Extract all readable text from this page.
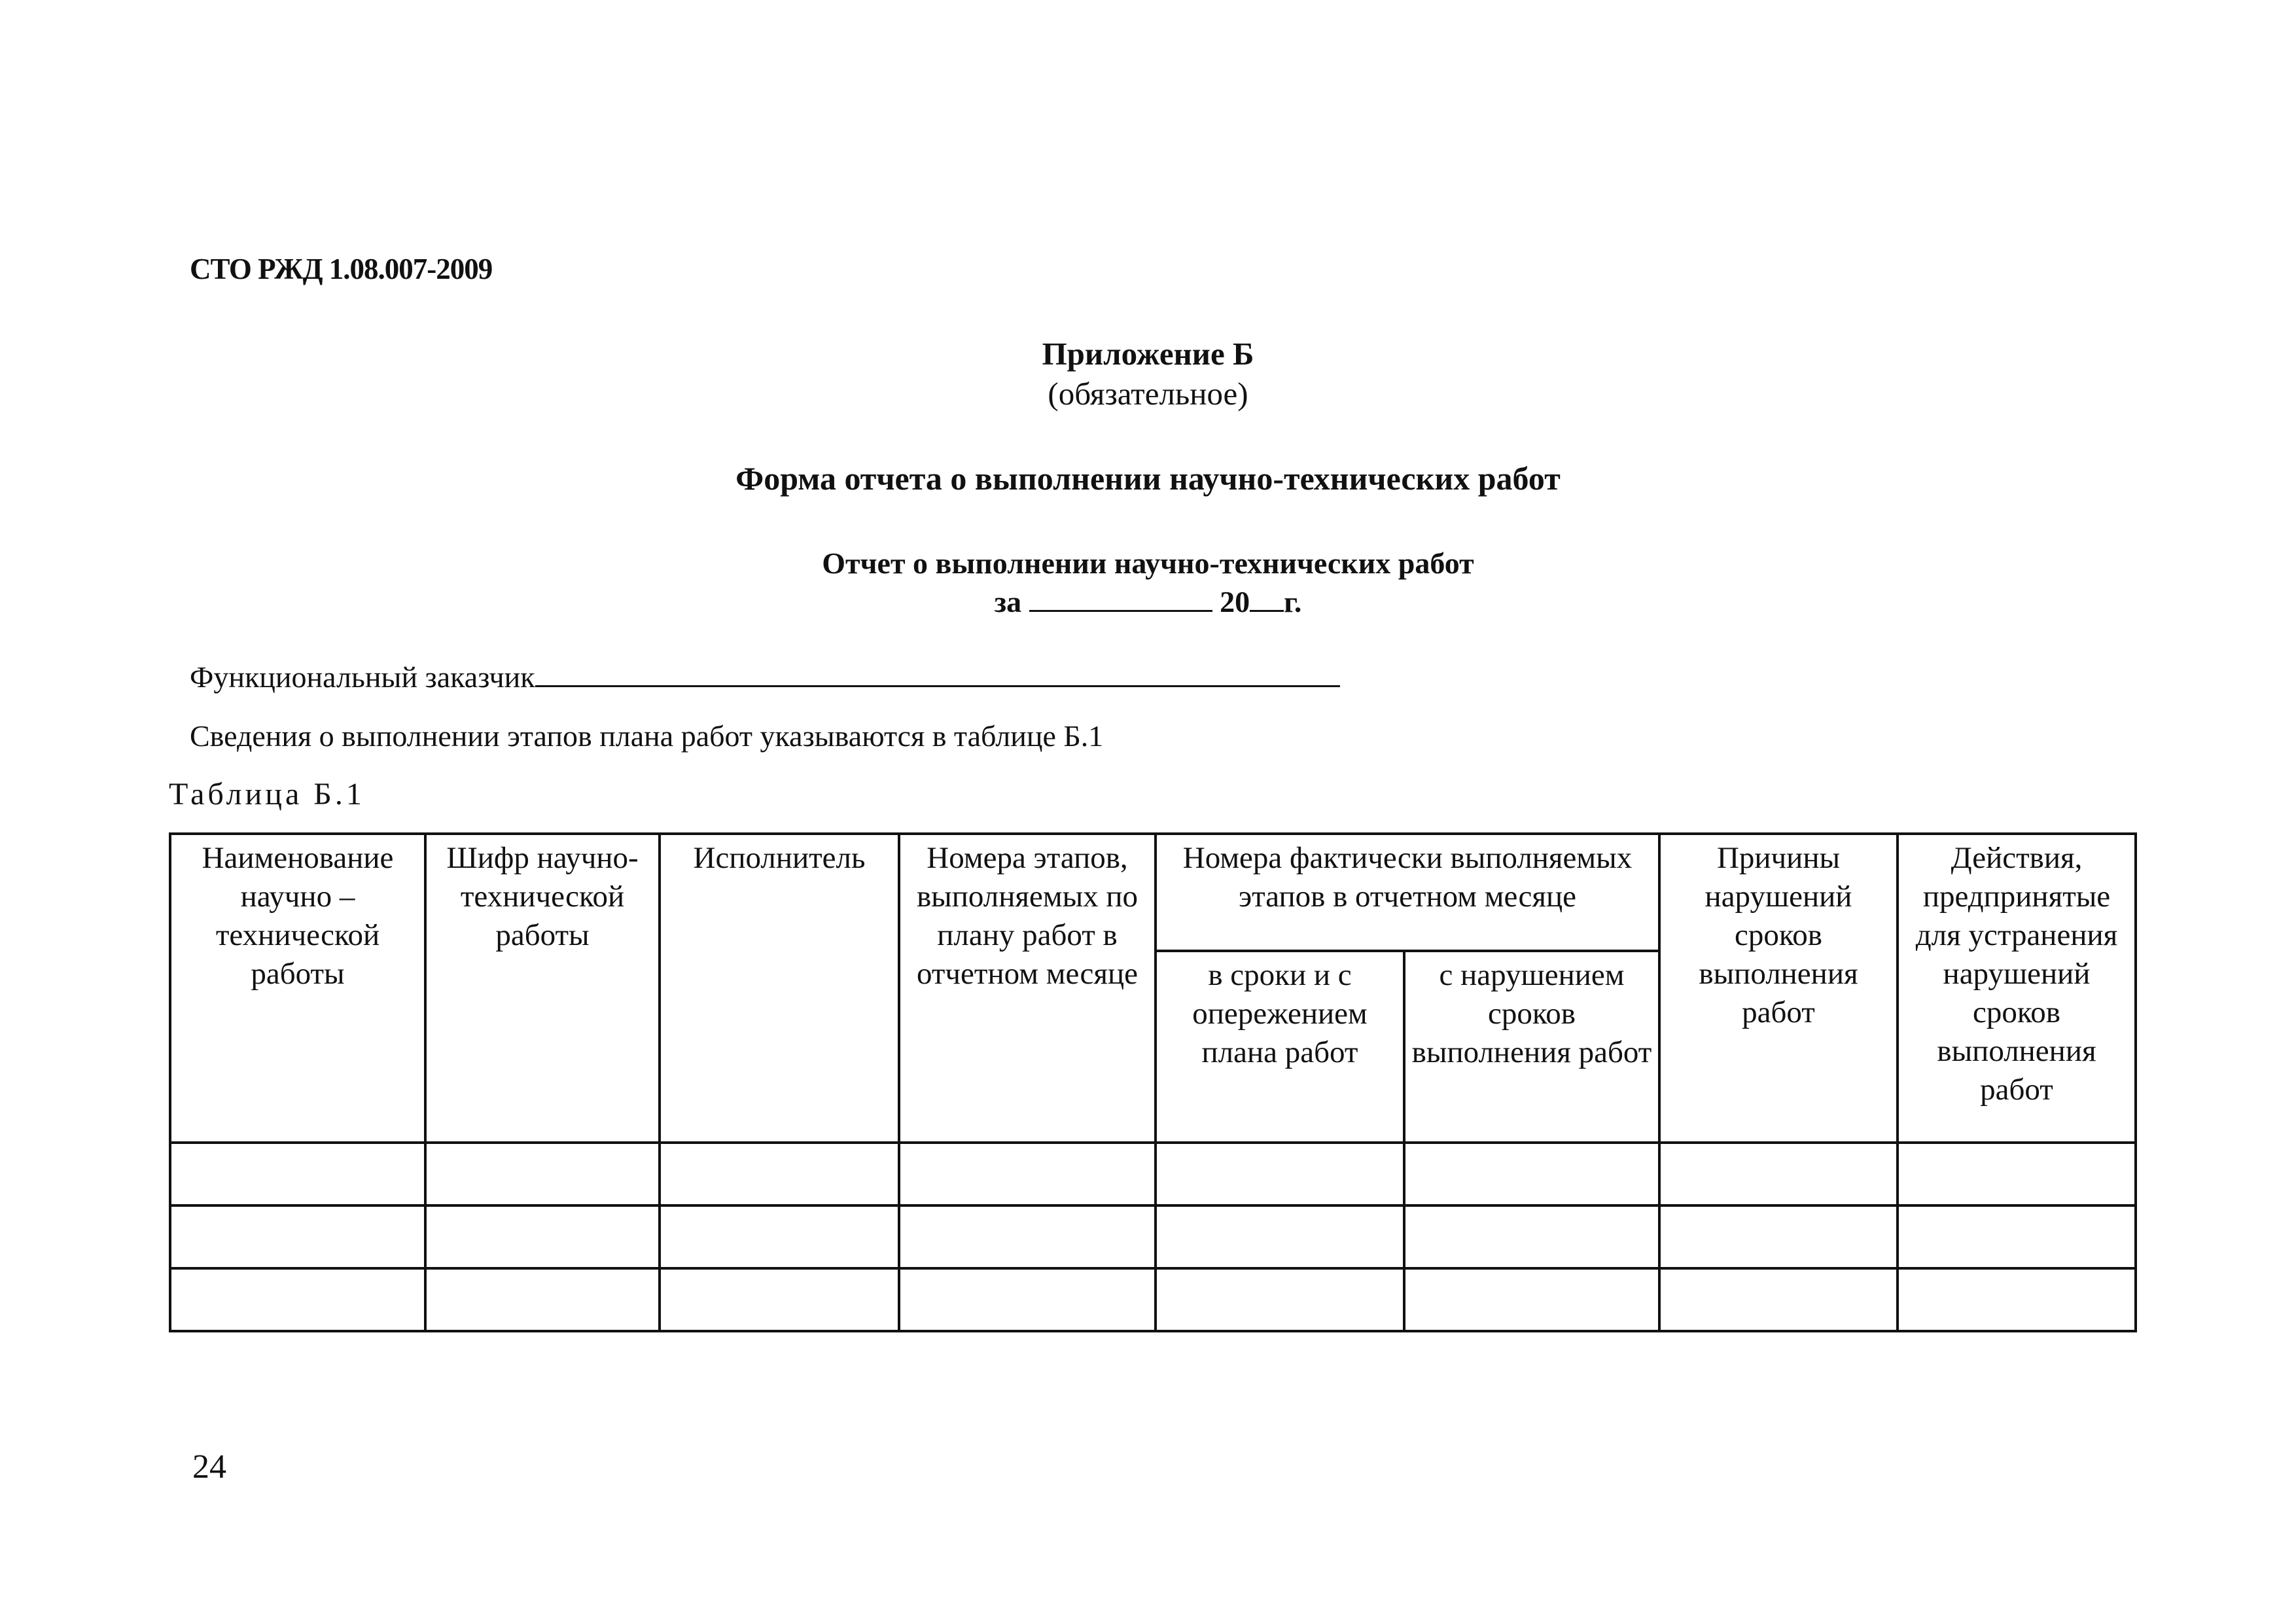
СТО РЖД 1.08.007-2009
Приложение Б
(обязательное)
Форма отчета о выполнении научно-технических работ
Отчет о выполнении научно-технических работ
за	20 г.
Функциональный заказчик
Сведения о выполнении этапов плана работ указываются в таблице Б.1
Таблица Б.1
Наименование научно – технической работы	Шифр научно-технической работы	Исполнитель	Номера этапов, выполняемых по плану работ в отчетном месяце	Номера фактически выполняемых этапов в отчетном месяце		Причины нарушений сроков выполнения работ	Действия, предпринятые для устранения нарушений сроков выполнения работ
				в сроки и с опережением плана работ	с нарушением сроков выполнения работ		

24
